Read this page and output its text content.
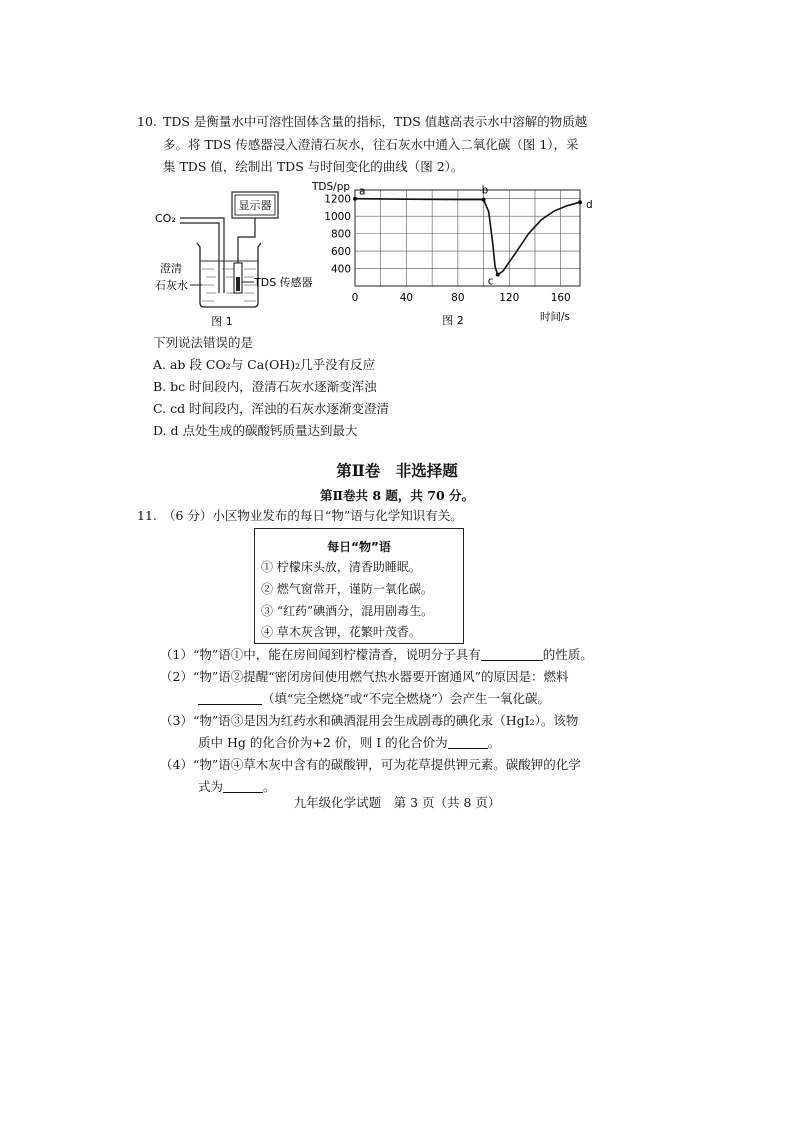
10. TDS 是衡量水中可溶性固体含量的指标，TDS 值越高表示水中溶解的物质越
多。将 TDS 传感器浸入澄清石灰水，往石灰水中通入二氧化碳（图 1），采
集 TDS 值，绘制出 TDS 与时间变化的曲线（图 2）。
CO₂
显示器
TDS 传感器
澄清
石灰水
图 1
0	40	80	120	160
1200
1000
800
600
400
a	b
c
d
TDS/pp
时间/s
图 2
下列说法错误的是
A. ab 段 CO₂与 Ca(OH)₂几乎没有反应
B. bc 时间段内，澄清石灰水逐渐变浑浊
C. cd 时间段内，浑浊的石灰水逐渐变澄清
D. d 点处生成的碳酸钙质量达到最大
第Ⅱ卷　非选择题
第Ⅱ卷共 8 题，共 70 分。
11. （6 分）小区物业发布的每日“物”语与化学知识有关。
每日“物”语
① 柠檬床头放，清香助睡眠。
② 燃气窗常开，谨防一氧化碳。
③ “红药”碘酒分，混用剧毒生。
④ 草木灰含钾，花繁叶茂香。
（1）“物”语①中，能在房间闻到柠檬清香，说明分子具有	的性质。
（2）“物”语②提醒“密闭房间使用燃气热水器要开窗通风”的原因是：燃料
（填“完全燃烧”或“不完全燃烧”）会产生一氧化碳。
（3）“物”语③是因为红药水和碘酒混用会生成剧毒的碘化汞（HgI₂）。该物
质中 Hg 的化合价为+2 价，则 I 的化合价为	。
（4）“物”语④草木灰中含有的碳酸钾，可为花草提供钾元素。碳酸钾的化学
式为	。
九年级化学试题　第 3 页（共 8 页）
